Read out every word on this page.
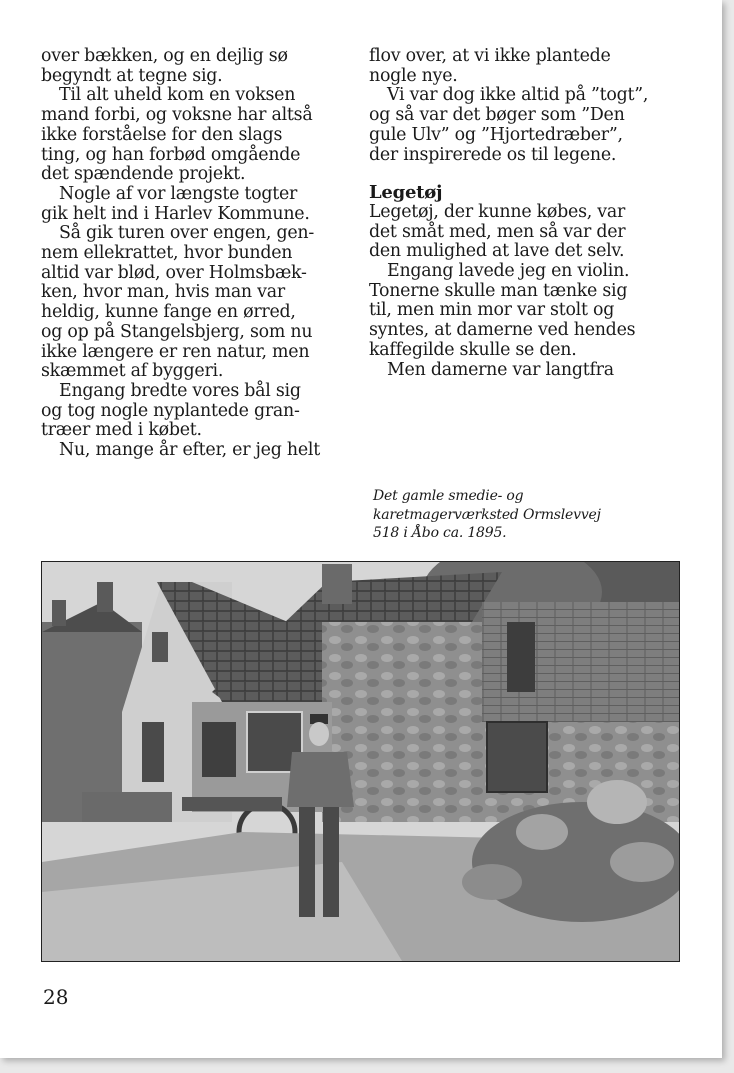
over bækken, og en dejlig sø
begyndt at tegne sig.
Til alt uheld kom en voksen
mand forbi, og voksne har altså
ikke forståelse for den slags
ting, og han forbød omgående
det spændende projekt.
Nogle af vor længste togter
gik helt ind i Harlev Kommune.
Så gik turen over engen, gen-
nem ellekrattet, hvor bunden
altid var blød, over Holmsbæk-
ken, hvor man, hvis man var
heldig, kunne fange en ørred,
og op på Stangelsbjerg, som nu
ikke længere er ren natur, men
skæmmet af byggeri.
Engang bredte vores bål sig
og tog nogle nyplantede gran-
træer med i købet.
Nu, mange år efter, er jeg helt
flov over, at vi ikke plantede
nogle nye.
Vi var dog ikke altid på ”togt”,
og så var det bøger som ”Den
gule Ulv” og ”Hjortedræber”,
der inspirerede os til legene.
Legetøj
Legetøj, der kunne købes, var
det småt med, men så var der
den mulighed at lave det selv.
Engang lavede jeg en violin.
Tonerne skulle man tænke sig
til, men min mor var stolt og
syntes, at damerne ved hendes
kaffegilde skulle se den.
Men damerne var langtfra
Det gamle smedie- og
karetmagerværksted Ormslevvej
518 i Åbo ca. 1895.
28
